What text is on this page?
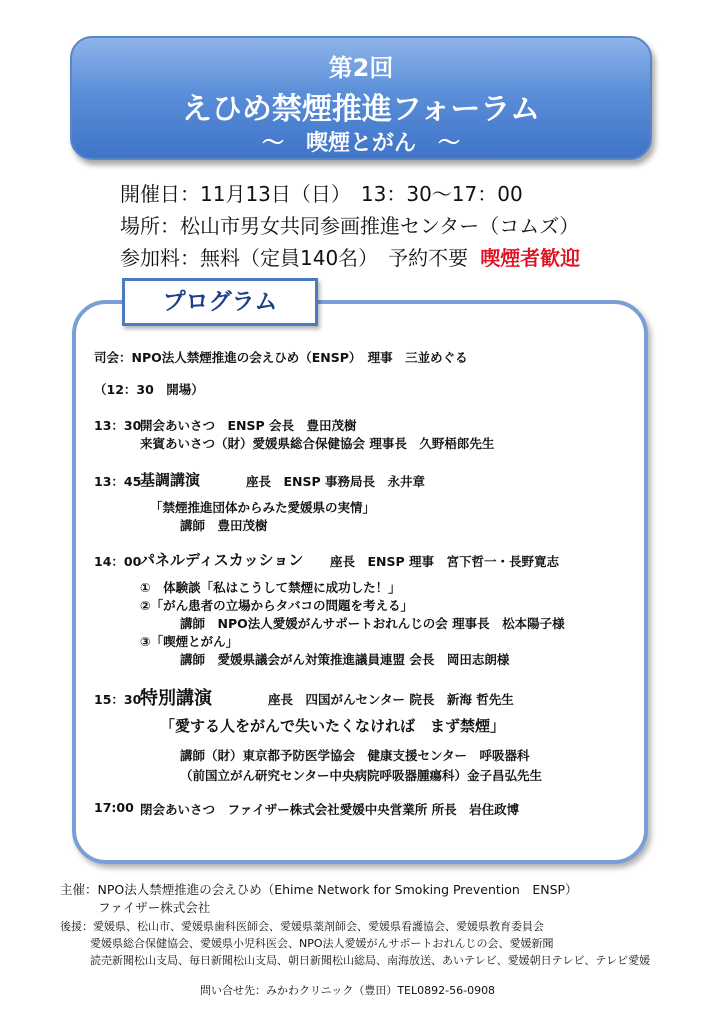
第2回
えひめ禁煙推進フォーラム
～　喫煙とがん　～
開催日：11月13日（日）　13：30〜17：00
場所：松山市男女共同参画推進センター（コムズ）
参加料：無料（定員140名）　予約不要 喫煙者歓迎
プログラム
司会：NPO法人禁煙推進の会えひめ（ENSP）　理事　三並めぐる
（12：30　開場）
13：30
開会あいさつ　ENSP 会長　豊田茂樹
来賓あいさつ（財）愛媛県総合保健協会 理事長　久野梧郎先生
13：45
基調講演	座長　ENSP 事務局長　永井章
「禁煙推進団体からみた愛媛県の実情」
講師　豊田茂樹
14：00
パネルディスカッション 座長　ENSP 理事　宮下哲一・長野寛志
①　体験談「私はこうして禁煙に成功した！」
②「がん患者の立場からタバコの問題を考える」
講師　NPO法人愛媛がんサポートおれんじの会 理事長　松本陽子様
③「喫煙とがん」
講師　愛媛県議会がん対策推進議員連盟 会長　岡田志朗様
15：30
特別講演	座長　四国がんセンター 院長　新海 哲先生
「愛する人をがんで失いたくなければ　まず禁煙」
講師（財）東京都予防医学協会　健康支援センター　呼吸器科
（前国立がん研究センター中央病院呼吸器腫瘍科）金子昌弘先生
17:00 閉会あいさつ　ファイザー株式会社愛媛中央営業所 所長　岩住政博
主催：NPO法人禁煙推進の会えひめ（Ehime Network for Smoking Prevention　ENSP）
ファイザー株式会社
後援：愛媛県、松山市、愛媛県歯科医師会、愛媛県薬剤師会、愛媛県看護協会、愛媛県教育委員会
愛媛県総合保健協会、愛媛県小児科医会、NPO法人愛媛がんサポートおれんじの会、愛媛新聞
読売新聞松山支局、毎日新聞松山支局、朝日新聞松山総局、南海放送、あいテレビ、愛媛朝日テレビ、テレビ愛媛
問い合せ先：みかわクリニック（豊田）TEL0892-56-0908
